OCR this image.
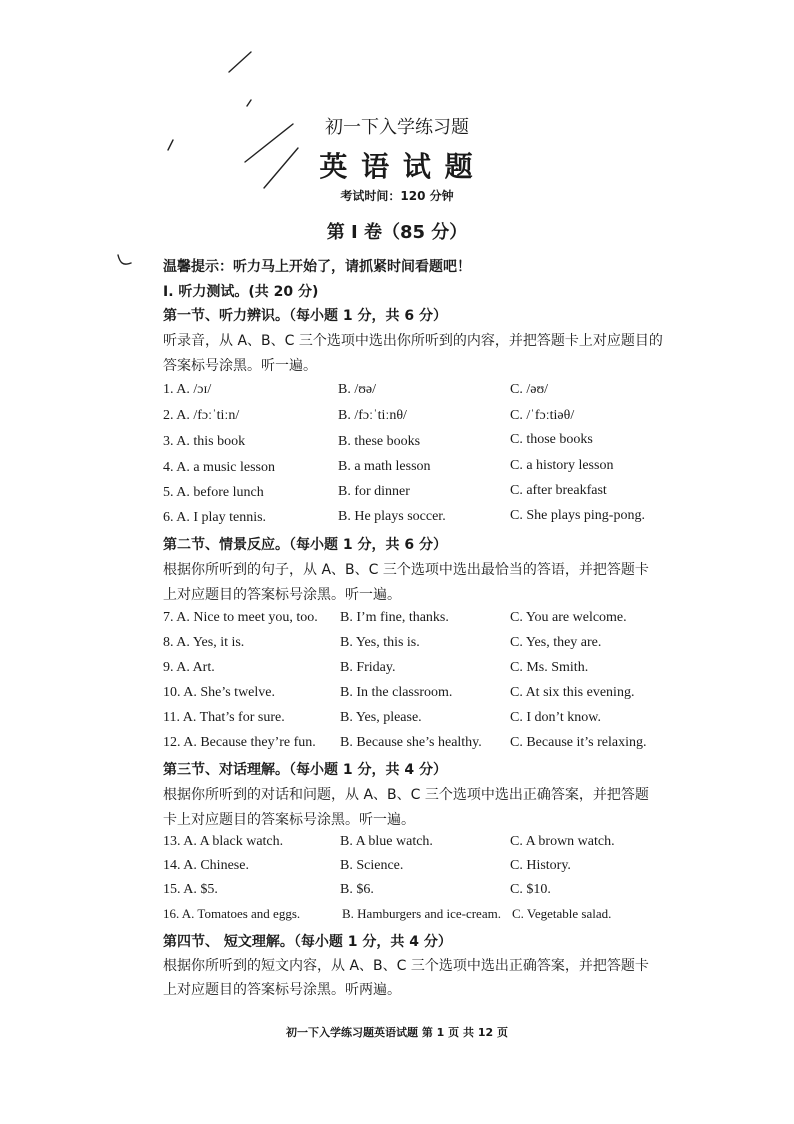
初一下入学练习题
英 语 试 题
考试时间：120 分钟
第 I 卷（85 分）
温馨提示：听力马上开始了，请抓紧时间看题吧！
I. 听力测试。(共 20 分)
第一节、听力辨识。（每小题 1 分，共 6 分）
听录音，从 A、B、C 三个选项中选出你所听到的内容，并把答题卡上对应题目的
答案标号涂黑。听一遍。
1. A. /ɔɪ/	B. /ʊə/	C. /əʊ/
2. A. /fɔːˈtiːn/	B. /fɔːˈtiːnθ/	C. /ˈfɔːtiəθ/
3. A. this book	B. these books	C. those books
4. A. a music lesson	B. a math lesson	C. a history lesson
5. A. before lunch	B. for dinner	C. after breakfast
6. A. I play tennis.	B. He plays soccer.	C. She plays ping-pong.
第二节、情景反应。（每小题 1 分，共 6 分）
根据你所听到的句子，从 A、B、C 三个选项中选出最恰当的答语，并把答题卡
上对应题目的答案标号涂黑。听一遍。
7. A. Nice to meet you, too. B. I’m fine, thanks.	C. You are welcome.
8. A. Yes, it is.	B. Yes, this is.	C. Yes, they are.
9. A. Art.	B. Friday.	C. Ms. Smith.
10. A. She’s twelve.	B. In the classroom.	C. At six this evening.
11. A. That’s for sure.	B. Yes, please.	C. I don’t know.
12. A. Because they’re fun. B. Because she’s healthy. C. Because it’s relaxing.
第三节、对话理解。（每小题 1 分，共 4 分）
根据你所听到的对话和问题，从 A、B、C 三个选项中选出正确答案，并把答题
卡上对应题目的答案标号涂黑。听一遍。
13. A. A black watch.	B. A blue watch.	C. A brown watch.
14. A. Chinese.	B. Science.	C. History.
15. A. $5.	B. $6.	C. $10.
16. A. Tomatoes and eggs.	B. Hamburgers and ice-cream. C. Vegetable salad.
第四节、 短文理解。（每小题 1 分，共 4 分）
根据你所听到的短文内容，从 A、B、C 三个选项中选出正确答案，并把答题卡
上对应题目的答案标号涂黑。听两遍。
初一下入学练习题英语试题 第 1 页 共 12 页
